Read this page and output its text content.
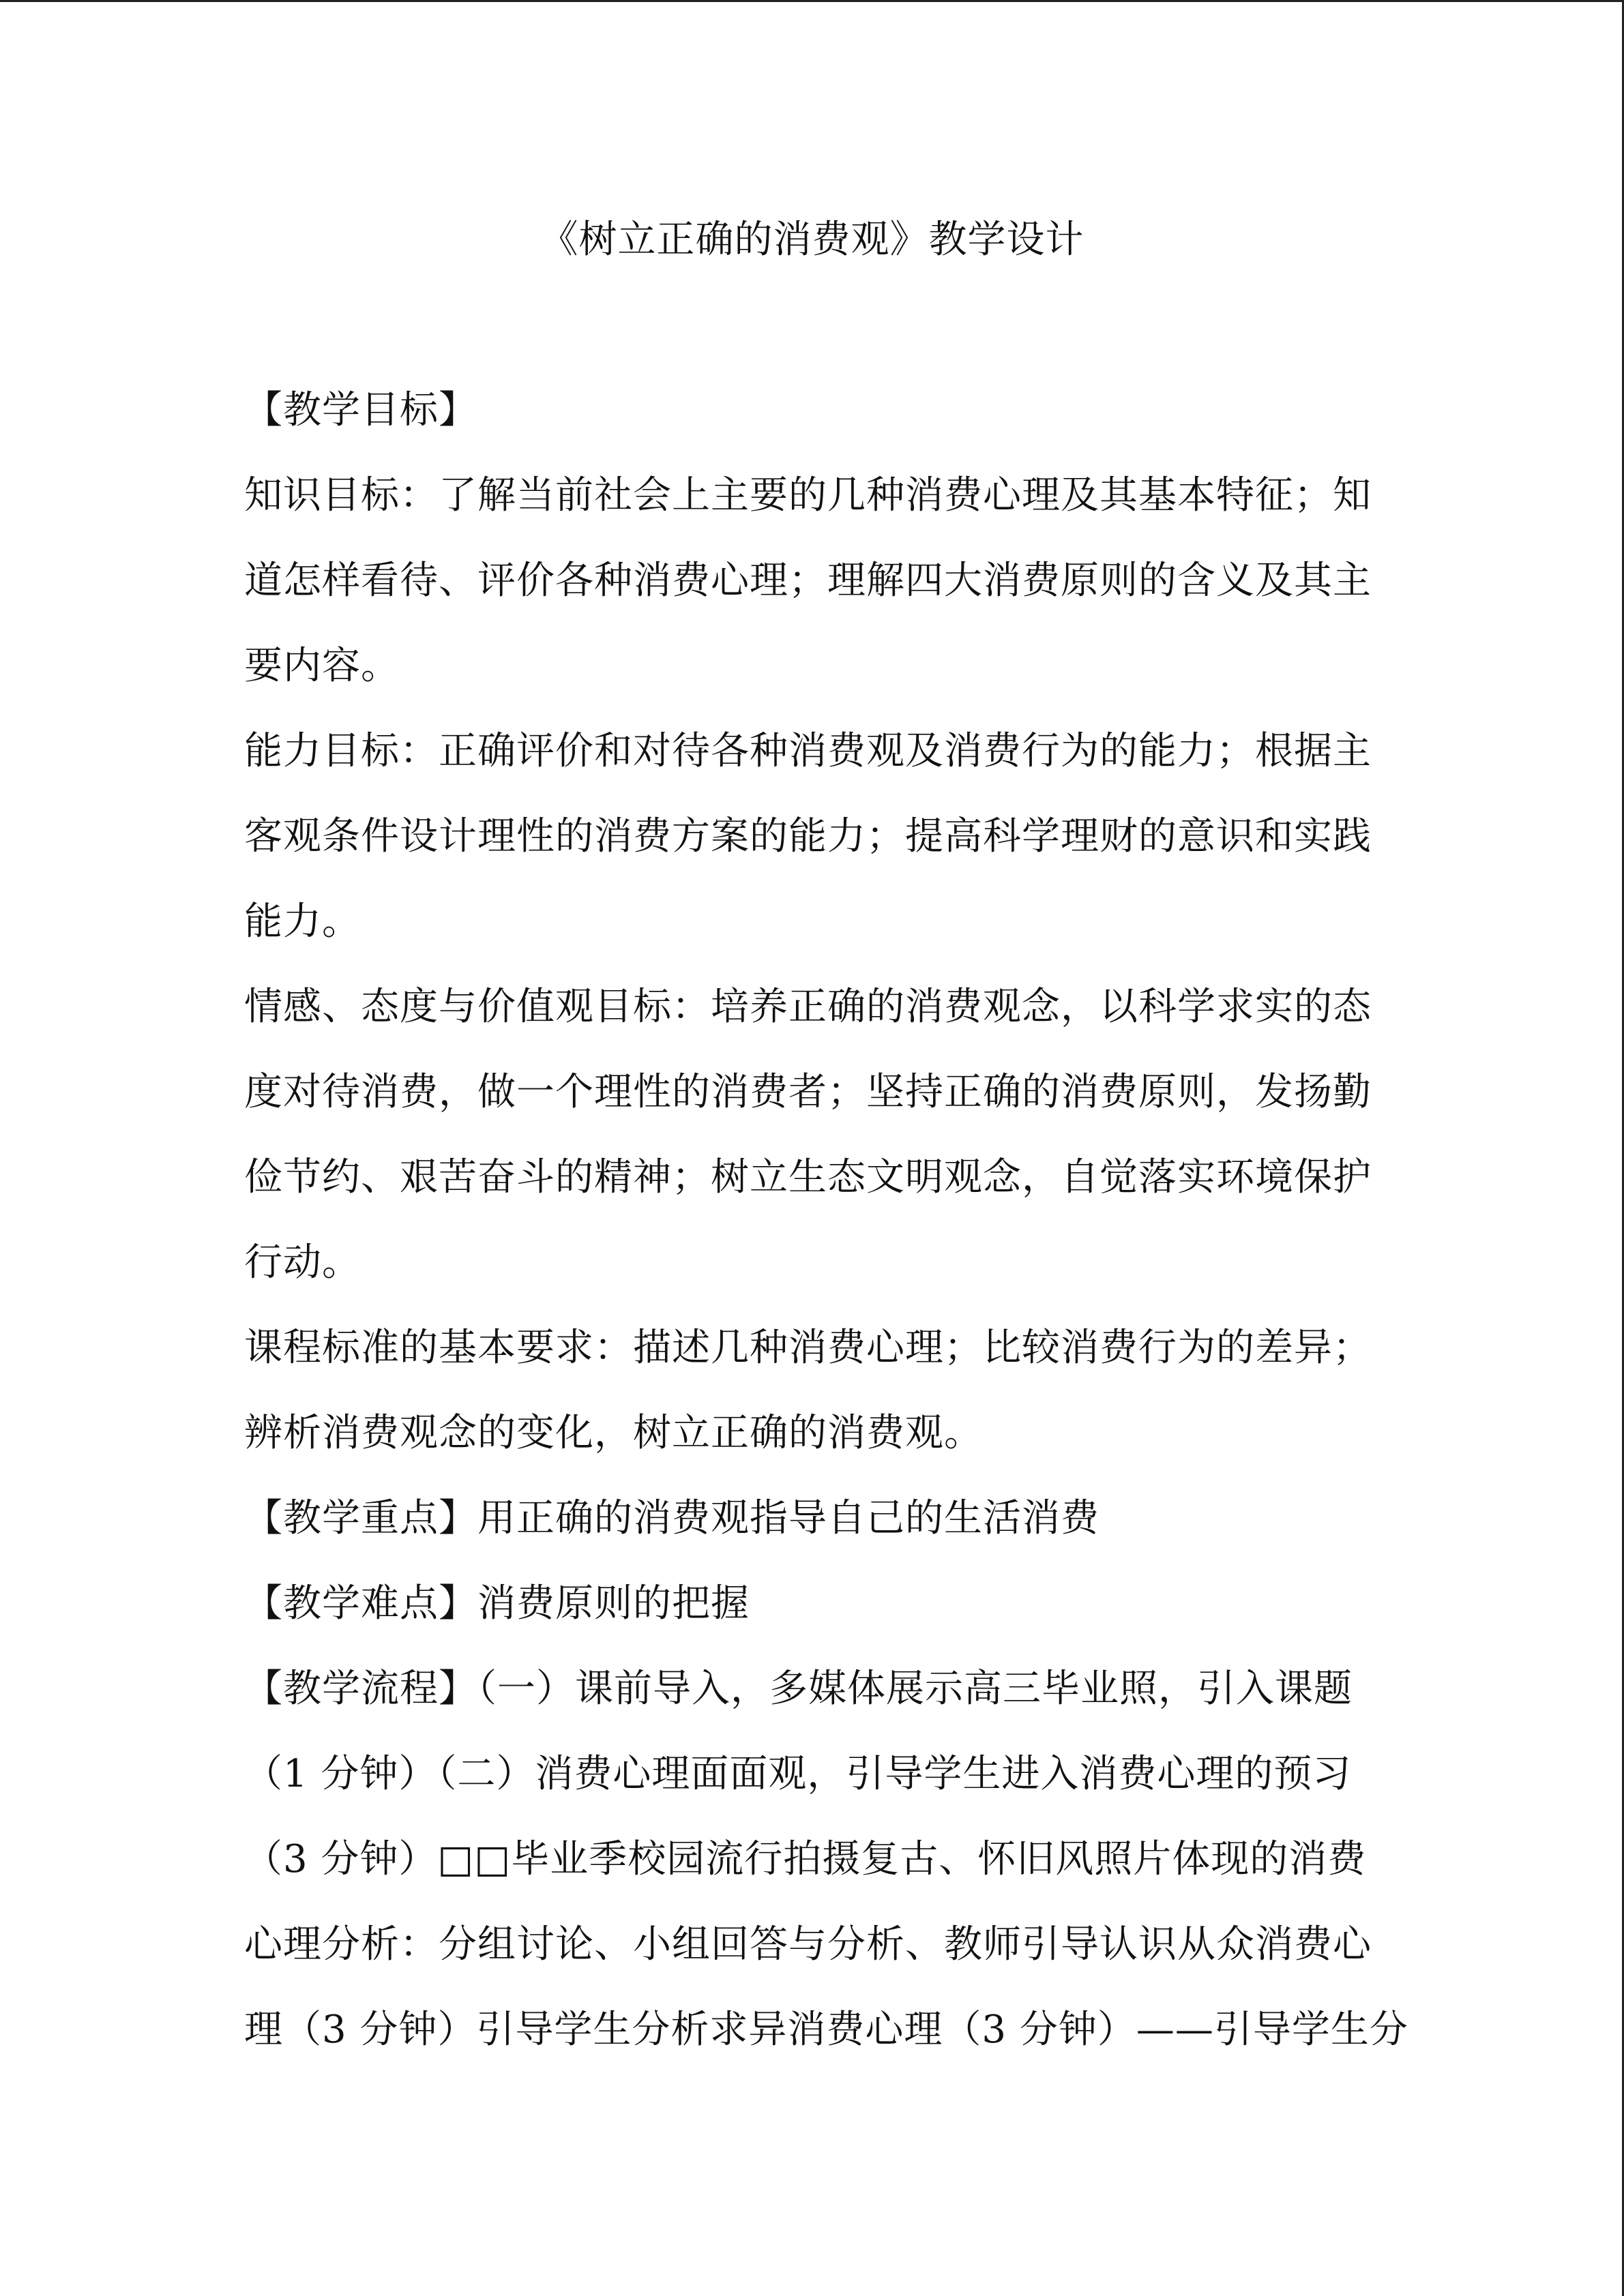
《树立正确的消费观》教学设计
【教学目标】
知识目标：了解当前社会上主要的几种消费心理及其基本特征；知
道怎样看待、评价各种消费心理；理解四大消费原则的含义及其主
要内容。
能力目标：正确评价和对待各种消费观及消费行为的能力；根据主
客观条件设计理性的消费方案的能力；提高科学理财的意识和实践
能力。
情感、态度与价值观目标：培养正确的消费观念，以科学求实的态
度对待消费，做一个理性的消费者；坚持正确的消费原则，发扬勤
俭节约、艰苦奋斗的精神；树立生态文明观念，自觉落实环境保护
行动。
课程标准的基本要求：描述几种消费心理；比较消费行为的差异；
辨析消费观念的变化，树立正确的消费观。
【教学重点】用正确的消费观指导自己的生活消费
【教学难点】消费原则的把握
【教学流程】（一）课前导入，多媒体展示高三毕业照，引入课题
（1 分钟）（二）消费心理面面观，引导学生进入消费心理的预习
（3 分钟）□□毕业季校园流行拍摄复古、怀旧风照片体现的消费
心理分析：分组讨论、小组回答与分析、教师引导认识从众消费心
理（3 分钟）引导学生分析求异消费心理（3 分钟）——引导学生分
